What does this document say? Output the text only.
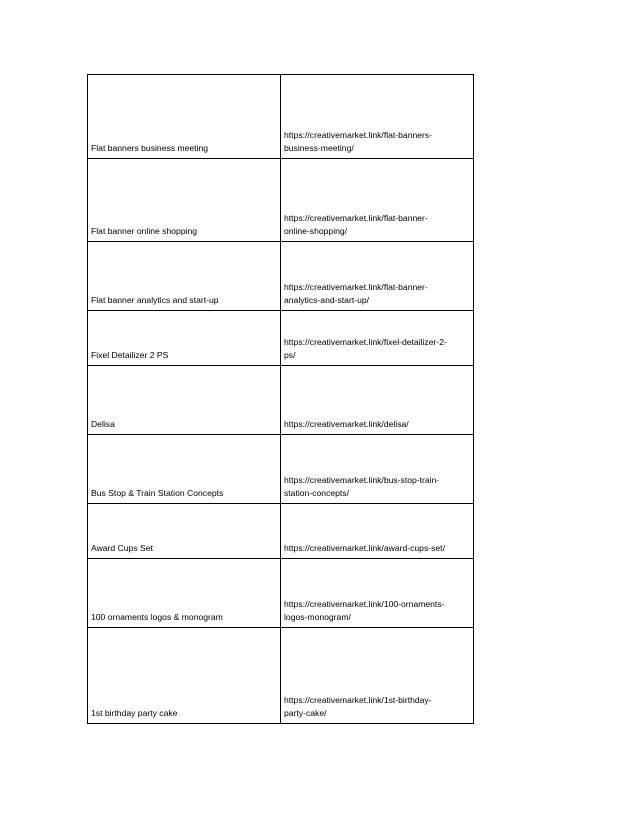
Flat banners business meeting	https://creativemarket.link/flat-banners-
business-meeting/
Flat banner online shopping	https://creativemarket.link/flat-banner-
online-shopping/
Flat banner analytics and start-up	https://creativemarket.link/flat-banner-
analytics-and-start-up/
Fixel Detailizer 2 PS	https://creativemarket.link/fixel-detailizer-2-
ps/
Delisa	https://creativemarket.link/delisa/
Bus Stop & Train Station Concepts	https://creativemarket.link/bus-stop-train-
station-concepts/
Award Cups Set	https://creativemarket.link/award-cups-set/
100 ornaments logos & monogram	https://creativemarket.link/100-ornaments-
logos-monogram/
1st birthday party cake	https://creativemarket.link/1st-birthday-
party-cake/
